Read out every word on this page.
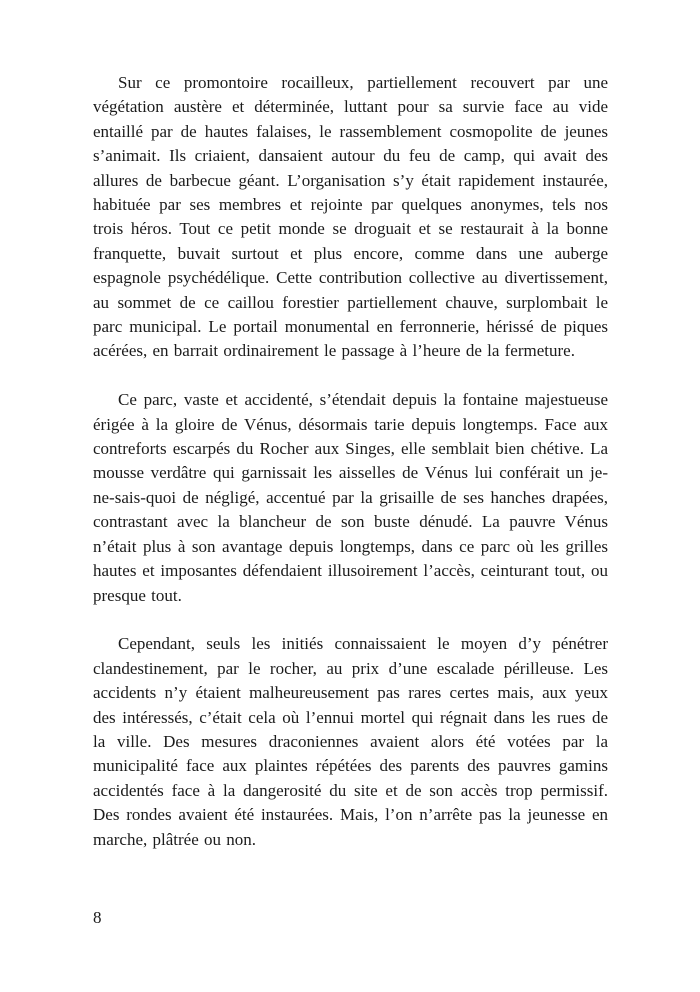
Sur ce promontoire rocailleux, partiellement recouvert par une végétation austère et déterminée, luttant pour sa survie face au vide entaillé par de hautes falaises, le rassemblement cosmopolite de jeunes s’animait. Ils criaient, dansaient autour du feu de camp, qui avait des allures de barbecue géant. L’organisation s’y était rapidement instaurée, habituée par ses membres et rejointe par quelques anonymes, tels nos trois héros. Tout ce petit monde se droguait et se restaurait à la bonne franquette, buvait surtout et plus encore, comme dans une auberge espagnole psychédélique. Cette contribution collective au divertissement, au sommet de ce caillou forestier partiellement chauve, surplombait le parc municipal. Le portail monumental en ferronnerie, hérissé de piques acérées, en barrait ordinairement le passage à l’heure de la fermeture.

Ce parc, vaste et accidenté, s’étendait depuis la fontaine majestueuse érigée à la gloire de Vénus, désormais tarie depuis longtemps. Face aux contreforts escarpés du Rocher aux Singes, elle semblait bien chétive. La mousse verdâtre qui garnissait les aisselles de Vénus lui conférait un je-ne-sais-quoi de négligé, accentué par la grisaille de ses hanches drapées, contrastant avec la blancheur de son buste dénudé. La pauvre Vénus n’était plus à son avantage depuis longtemps, dans ce parc où les grilles hautes et imposantes défendaient illusoirement l’accès, ceinturant tout, ou presque tout.

Cependant, seuls les initiés connaissaient le moyen d’y pénétrer clandestinement, par le rocher, au prix d’une escalade périlleuse. Les accidents n’y étaient malheureusement pas rares certes mais, aux yeux des intéressés, c’était cela où l’ennui mortel qui régnait dans les rues de la ville. Des mesures draconiennes avaient alors été votées par la municipalité face aux plaintes répétées des parents des pauvres gamins accidentés face à la dangerosité du site et de son accès trop permissif. Des rondes avaient été instaurées. Mais, l’on n’arrête pas la jeunesse en marche, plâtrée ou non.

8
